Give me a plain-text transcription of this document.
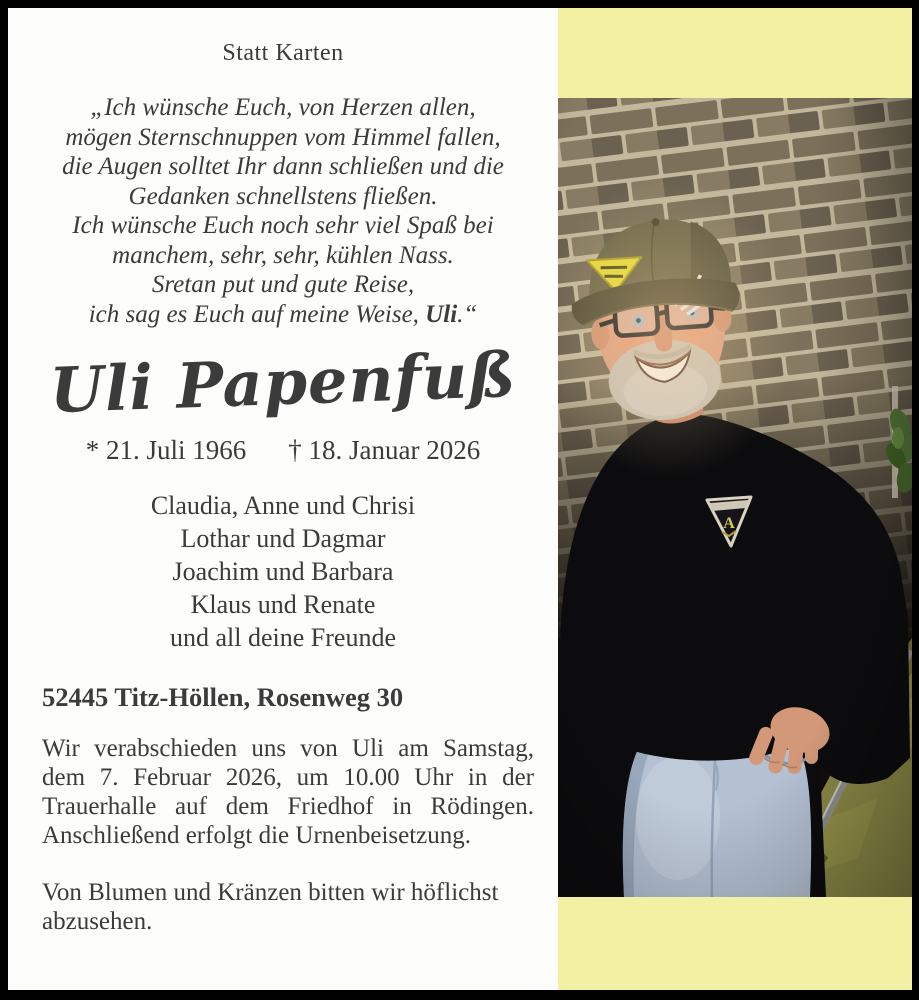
Statt Karten

„Ich wünsche Euch, von Herzen allen,

mögen Sternschnuppen vom Himmel fallen,

die Augen solltet Ihr dann schließen und die

Gedanken schnellstens fließen.

Ich wünsche Euch noch sehr viel Spaß bei

manchem, sehr, sehr, kühlen Nass.

Sretan put und gute Reise,

ich sag es Euch auf meine Weise, Uli.“

Uli Papenfuß
* 21. Juli 1966 † 18. Januar 2026

Claudia, Anne und Chrisi

Lothar und Dagmar

Joachim und Barbara

Klaus und Renate

und all deine Freunde

52445 Titz-Höllen, Rosenweg 30

Wir verabschieden uns von Uli am Samstag, dem 7. Februar 2026, um 10.00 Uhr in der Trauerhalle auf dem Friedhof in Rödingen. Anschließend erfolgt die Urnenbeisetzung.

Von Blumen und Kränzen bitten wir höflichst abzusehen.
